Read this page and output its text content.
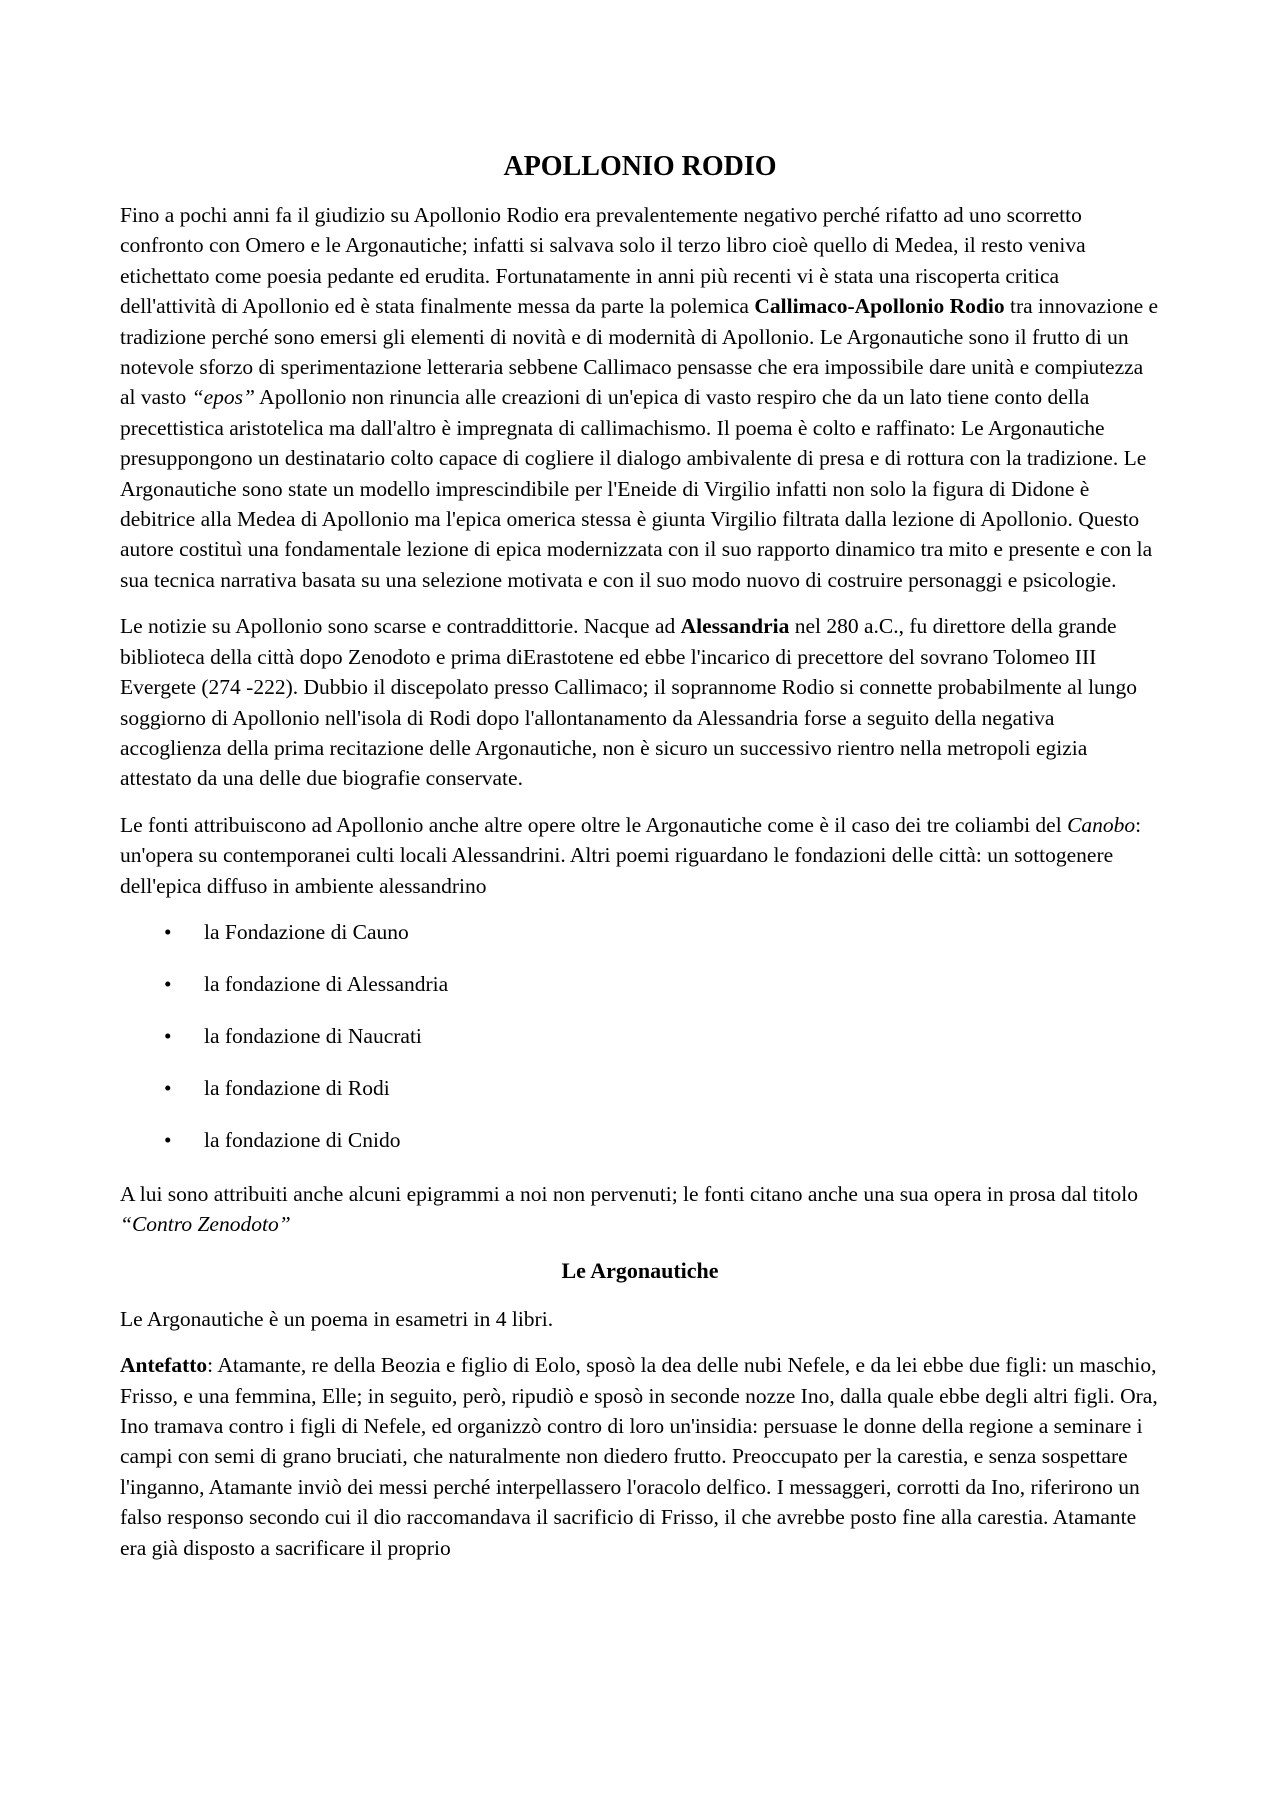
APOLLONIO RODIO

Fino a pochi anni fa il giudizio su Apollonio Rodio era prevalentemente negativo perché rifatto ad uno scorretto confronto con Omero e le Argonautiche; infatti si salvava solo il terzo libro cioè quello di Medea, il resto veniva etichettato come poesia pedante ed erudita. Fortunatamente in anni più recenti vi è stata una riscoperta critica dell'attività di Apollonio ed è stata finalmente messa da parte la polemica Callimaco-Apollonio Rodio tra innovazione e tradizione perché sono emersi gli elementi di novità e di modernità di Apollonio. Le Argonautiche sono il frutto di un notevole sforzo di sperimentazione letteraria sebbene Callimaco pensasse che era impossibile dare unità e compiutezza al vasto “epos” Apollonio non rinuncia alle creazioni di un'epica di vasto respiro che da un lato tiene conto della precettistica aristotelica ma dall'altro è impregnata di callimachismo. Il poema è colto e raffinato: Le Argonautiche presuppongono un destinatario colto capace di cogliere il dialogo ambivalente di presa e di rottura con la tradizione. Le Argonautiche sono state un modello imprescindibile per l'Eneide di Virgilio infatti non solo la figura di Didone è debitrice alla Medea di Apollonio ma l'epica omerica stessa è giunta Virgilio filtrata dalla lezione di Apollonio. Questo autore costituì una fondamentale lezione di epica modernizzata con il suo rapporto dinamico tra mito e presente e con la sua tecnica narrativa basata su una selezione motivata e con il suo modo nuovo di costruire personaggi e psicologie.

Le notizie su Apollonio sono scarse e contraddittorie. Nacque ad Alessandria nel 280 a.C., fu direttore della grande biblioteca della città dopo Zenodoto e prima diErastotene ed ebbe l'incarico di precettore del sovrano Tolomeo III Evergete (274 -222). Dubbio il discepolato presso Callimaco; il soprannome Rodio si connette probabilmente al lungo soggiorno di Apollonio nell'isola di Rodi dopo l'allontanamento da Alessandria forse a seguito della negativa accoglienza della prima recitazione delle Argonautiche, non è sicuro un successivo rientro nella metropoli egizia attestato da una delle due biografie conservate.

Le fonti attribuiscono ad Apollonio anche altre opere oltre le Argonautiche come è il caso dei tre coliambi del Canobo: un'opera su contemporanei culti locali Alessandrini. Altri poemi riguardano le fondazioni delle città: un sottogenere dell'epica diffuso in ambiente alessandrino

• la Fondazione di Cauno
• la fondazione di Alessandria
• la fondazione di Naucrati
• la fondazione di Rodi
• la fondazione di Cnido

A lui sono attribuiti anche alcuni epigrammi a noi non pervenuti; le fonti citano anche una sua opera in prosa dal titolo “Contro Zenodoto”

Le Argonautiche

Le Argonautiche è un poema in esametri in 4 libri.

Antefatto: Atamante, re della Beozia e figlio di Eolo, sposò la dea delle nubi Nefele, e da lei ebbe due figli: un maschio, Frisso, e una femmina, Elle; in seguito, però, ripudiò e sposò in seconde nozze Ino, dalla quale ebbe degli altri figli. Ora, Ino tramava contro i figli di Nefele, ed organizzò contro di loro un'insidia: persuase le donne della regione a seminare i campi con semi di grano bruciati, che naturalmente non diedero frutto. Preoccupato per la carestia, e senza sospettare l'inganno, Atamante inviò dei messi perché interpellassero l'oracolo delfico. I messaggeri, corrotti da Ino, riferirono un falso responso secondo cui il dio raccomandava il sacrificio di Frisso, il che avrebbe posto fine alla carestia. Atamante era già disposto a sacrificare il proprio
